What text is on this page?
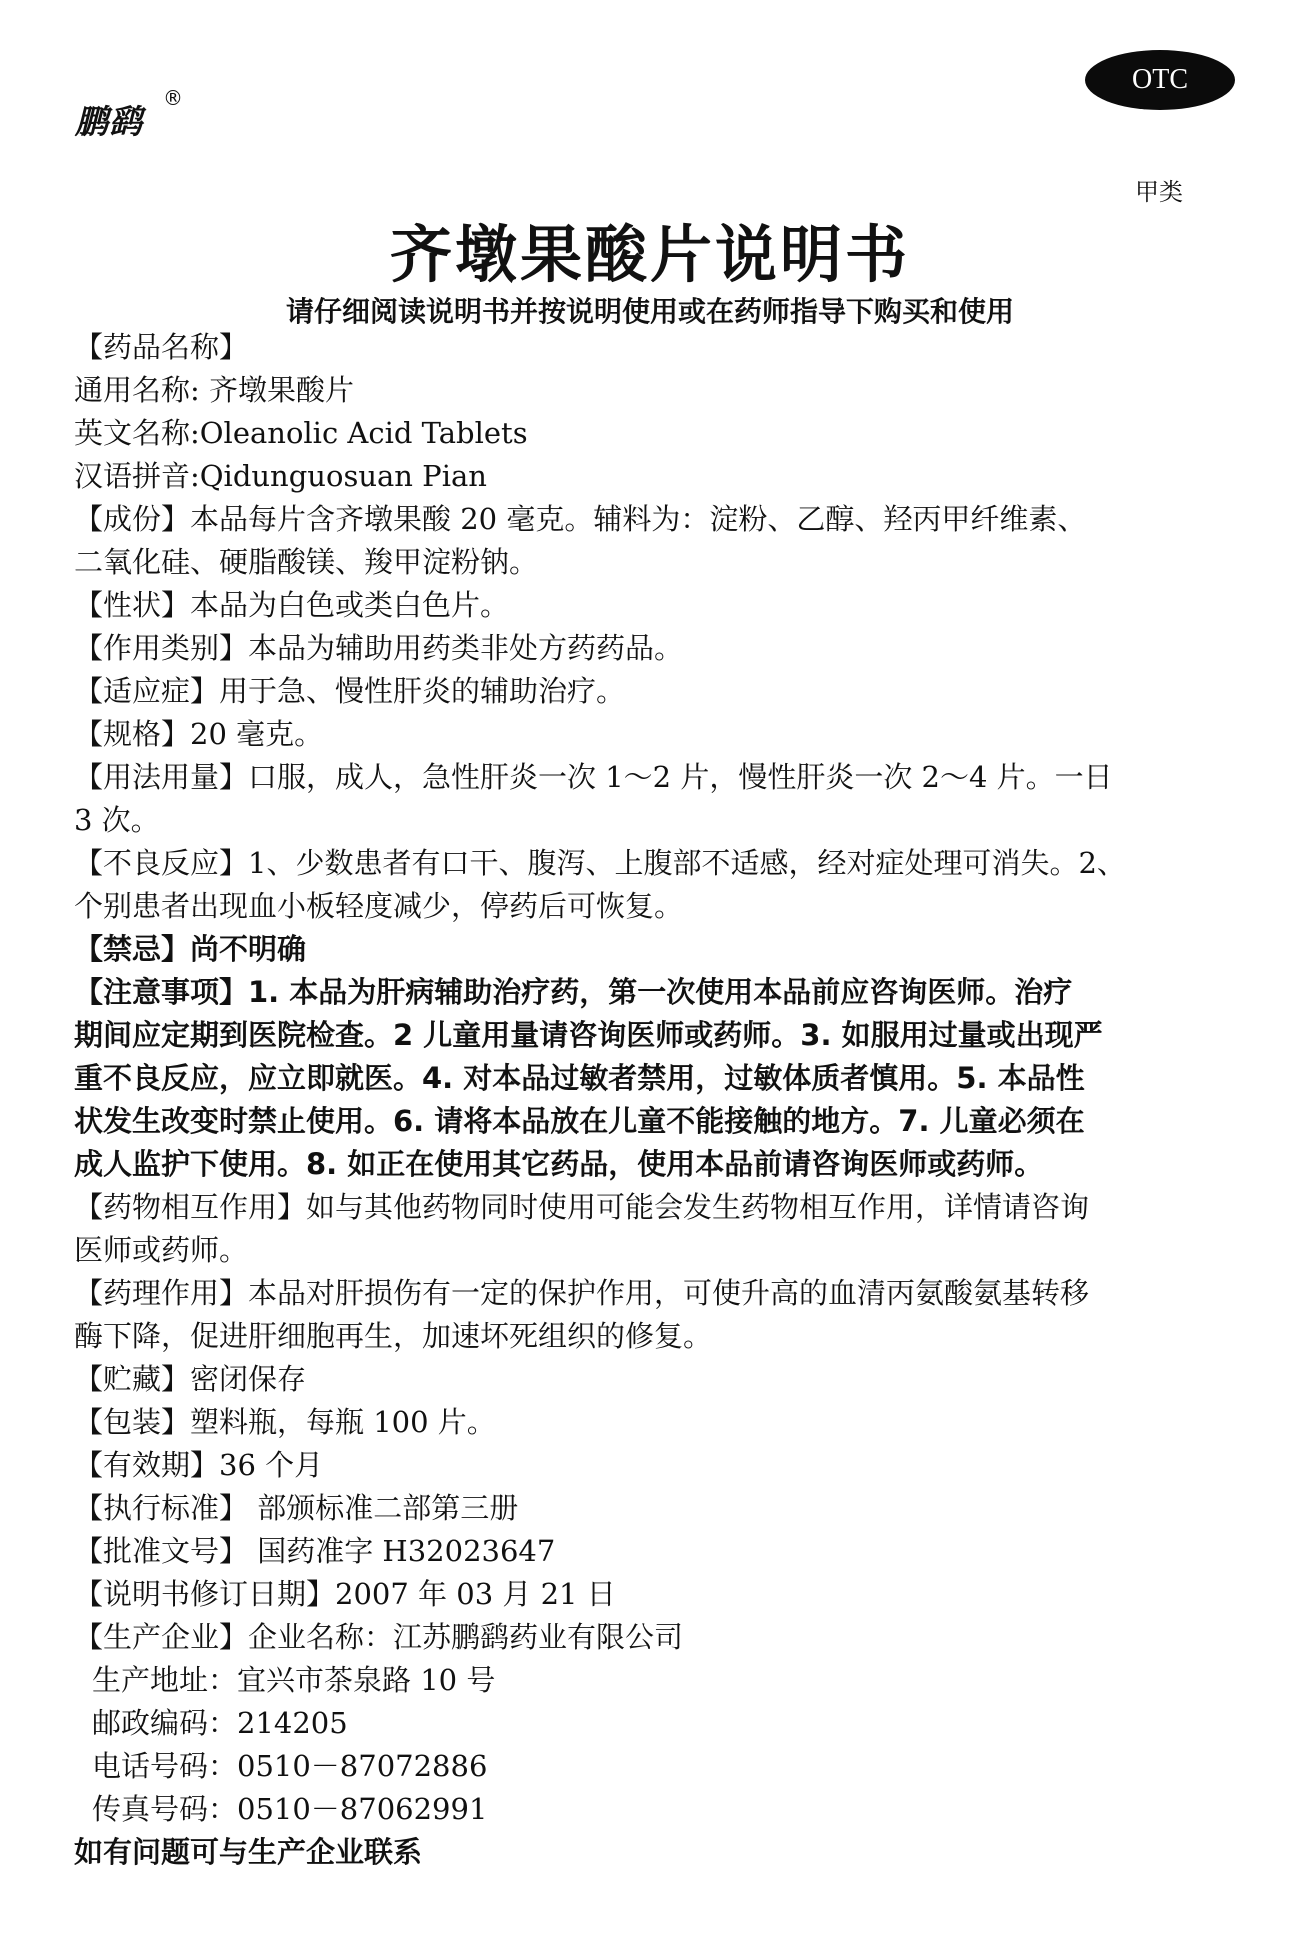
鹏鹞
®
OTC
甲类
齐墩果酸片说明书
请仔细阅读说明书并按说明使用或在药师指导下购买和使用

【药品名称】

通用名称: 齐墩果酸片

英文名称:Oleanolic Acid Tablets

汉语拼音:Qidunguosuan Pian

【成份】本品每片含齐墩果酸 20 毫克。辅料为：淀粉、乙醇、羟丙甲纤维素、

二氧化硅、硬脂酸镁、羧甲淀粉钠。

【性状】本品为白色或类白色片。

【作用类别】本品为辅助用药类非处方药药品。

【适应症】用于急、慢性肝炎的辅助治疗。

【规格】20 毫克。

【用法用量】口服，成人，急性肝炎一次 1～2 片，慢性肝炎一次 2～4 片。一日

3 次。

【不良反应】1、少数患者有口干、腹泻、上腹部不适感，经对症处理可消失。2、

个别患者出现血小板轻度减少，停药后可恢复。

【禁忌】尚不明确

【注意事项】1. 本品为肝病辅助治疗药，第一次使用本品前应咨询医师。治疗

期间应定期到医院检查。2 儿童用量请咨询医师或药师。3. 如服用过量或出现严

重不良反应，应立即就医。4. 对本品过敏者禁用，过敏体质者慎用。5. 本品性

状发生改变时禁止使用。6. 请将本品放在儿童不能接触的地方。7. 儿童必须在

成人监护下使用。8. 如正在使用其它药品，使用本品前请咨询医师或药师。

【药物相互作用】如与其他药物同时使用可能会发生药物相互作用，详情请咨询

医师或药师。

【药理作用】本品对肝损伤有一定的保护作用，可使升高的血清丙氨酸氨基转移

酶下降，促进肝细胞再生，加速坏死组织的修复。

【贮藏】密闭保存

【包装】塑料瓶，每瓶 100 片。

【有效期】36 个月

【执行标准】 部颁标准二部第三册

【批准文号】 国药准字 H32023647

【说明书修订日期】2007 年 03 月 21 日

【生产企业】企业名称：江苏鹏鹞药业有限公司

生产地址：宜兴市茶泉路 10 号

邮政编码：214205

电话号码：0510－87072886

传真号码：0510－87062991

如有问题可与生产企业联系
